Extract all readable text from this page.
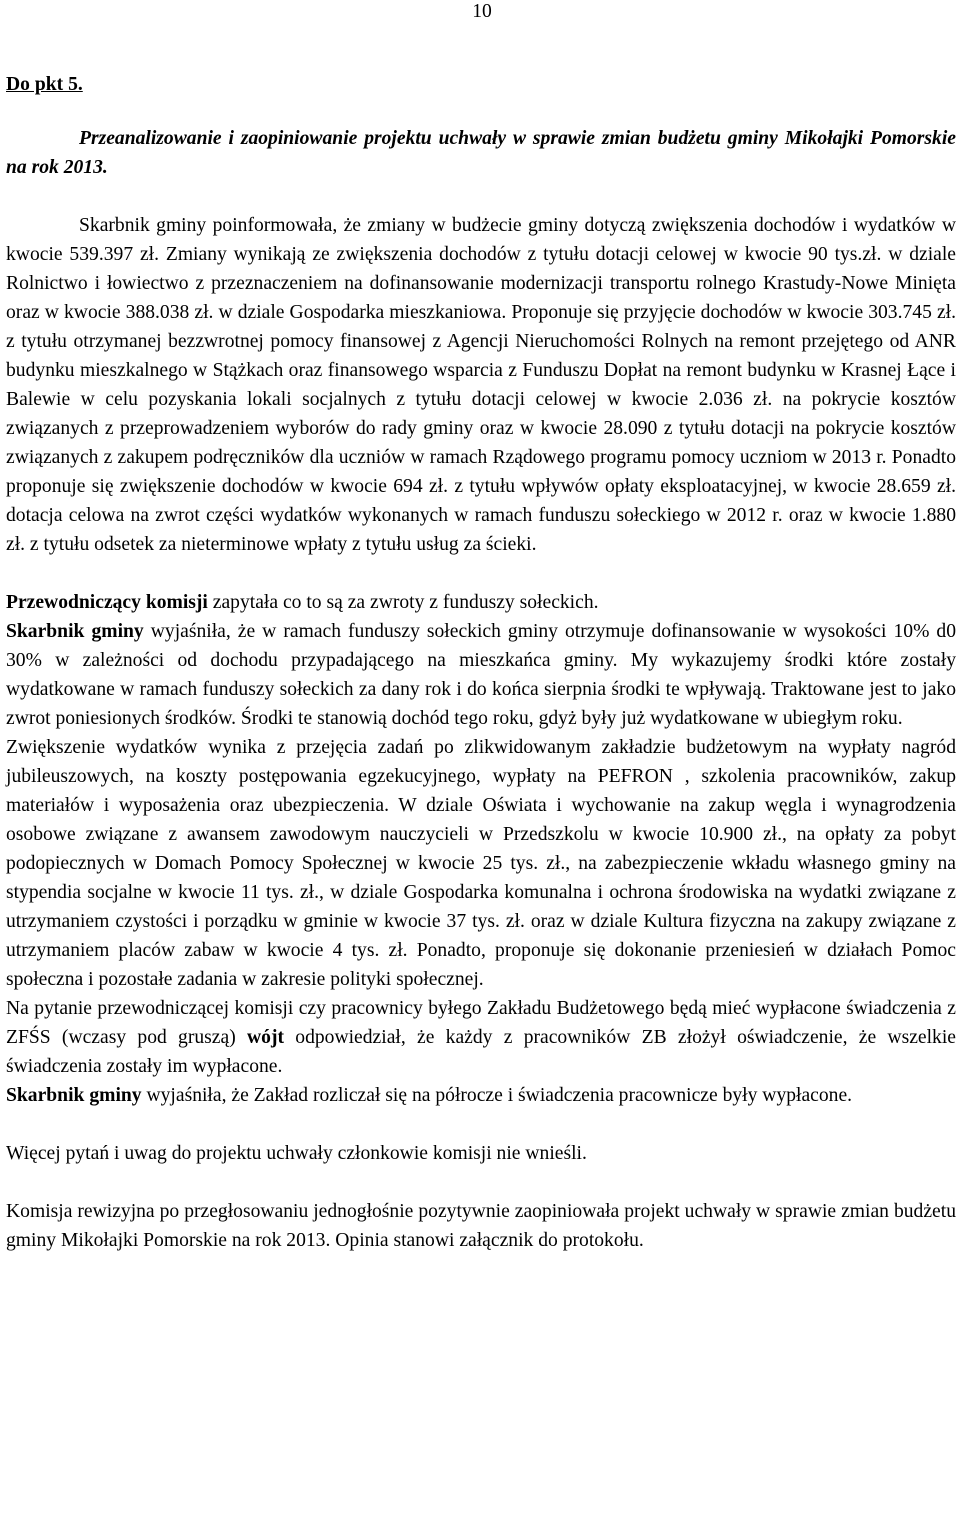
10
Do pkt 5.

Przeanalizowanie i zaopiniowanie projektu uchwały w sprawie zmian budżetu gminy Mikołajki Pomorskie na rok 2013.

Skarbnik gminy poinformowała, że zmiany w budżecie gminy dotyczą zwiększenia dochodów i wydatków w kwocie 539.397 zł. Zmiany wynikają ze zwiększenia dochodów z tytułu dotacji celowej w kwocie 90 tys.zł. w dziale Rolnictwo i łowiectwo z przeznaczeniem na dofinansowanie modernizacji transportu rolnego Krastudy-Nowe Minięta oraz w kwocie 388.038 zł. w dziale Gospodarka mieszkaniowa. Proponuje się przyjęcie dochodów w kwocie 303.745 zł. z tytułu otrzymanej bezzwrotnej pomocy finansowej z Agencji Nieruchomości Rolnych na remont przejętego od ANR budynku mieszkalnego w Stążkach oraz finansowego wsparcia z Funduszu Dopłat na remont budynku w Krasnej Łące i Balewie w celu pozyskania lokali socjalnych z tytułu dotacji celowej w kwocie 2.036 zł. na pokrycie kosztów związanych z przeprowadzeniem wyborów do rady gminy oraz w kwocie 28.090 z tytułu dotacji na pokrycie kosztów związanych z zakupem podręczników dla uczniów w ramach Rządowego programu pomocy uczniom w 2013 r. Ponadto proponuje się zwiększenie dochodów w kwocie 694 zł. z tytułu wpływów opłaty eksploatacyjnej, w kwocie 28.659 zł. dotacja celowa na zwrot części wydatków wykonanych w ramach funduszu sołeckiego w 2012 r. oraz w kwocie 1.880 zł. z tytułu odsetek za nieterminowe wpłaty z tytułu usług za ścieki.

Przewodniczący komisji zapytała co to są za zwroty z funduszy sołeckich.

Skarbnik gminy wyjaśniła, że w ramach funduszy sołeckich gminy otrzymuje dofinansowanie w wysokości 10% d0 30% w zależności od dochodu przypadającego na mieszkańca gminy. My wykazujemy środki które zostały wydatkowane w ramach funduszy sołeckich za dany rok i do końca sierpnia środki te wpływają. Traktowane jest to jako zwrot poniesionych środków. Środki te stanowią dochód tego roku, gdyż były już wydatkowane w ubiegłym roku.

Zwiększenie wydatków wynika z przejęcia zadań po zlikwidowanym zakładzie budżetowym na wypłaty nagród jubileuszowych, na koszty postępowania egzekucyjnego, wypłaty na PEFRON , szkolenia pracowników, zakup materiałów i wyposażenia oraz ubezpieczenia. W dziale Oświata i wychowanie na zakup węgla i wynagrodzenia osobowe związane z awansem zawodowym nauczycieli w Przedszkolu w kwocie 10.900 zł., na opłaty za pobyt podopiecznych w Domach Pomocy Społecznej w kwocie 25 tys. zł., na zabezpieczenie wkładu własnego gminy na stypendia socjalne w kwocie 11 tys. zł., w dziale Gospodarka komunalna i ochrona środowiska na wydatki związane z utrzymaniem czystości i porządku w gminie w kwocie 37 tys. zł. oraz w dziale Kultura fizyczna na zakupy związane z utrzymaniem placów zabaw w kwocie 4 tys. zł. Ponadto, proponuje się dokonanie przeniesień w działach Pomoc społeczna i pozostałe zadania w zakresie polityki społecznej.

Na pytanie przewodniczącej komisji czy pracownicy byłego Zakładu Budżetowego będą mieć wypłacone świadczenia z ZFŚS (wczasy pod gruszą) wójt odpowiedział, że każdy z pracowników ZB złożył oświadczenie, że wszelkie świadczenia zostały im wypłacone.

Skarbnik gminy wyjaśniła, że Zakład rozliczał się na półrocze i świadczenia pracownicze były wypłacone.

Więcej pytań i uwag do projektu uchwały członkowie komisji nie wnieśli.

Komisja rewizyjna po przegłosowaniu jednogłośnie pozytywnie zaopiniowała projekt uchwały w sprawie zmian budżetu gminy Mikołajki Pomorskie na rok 2013. Opinia stanowi załącznik do protokołu.
